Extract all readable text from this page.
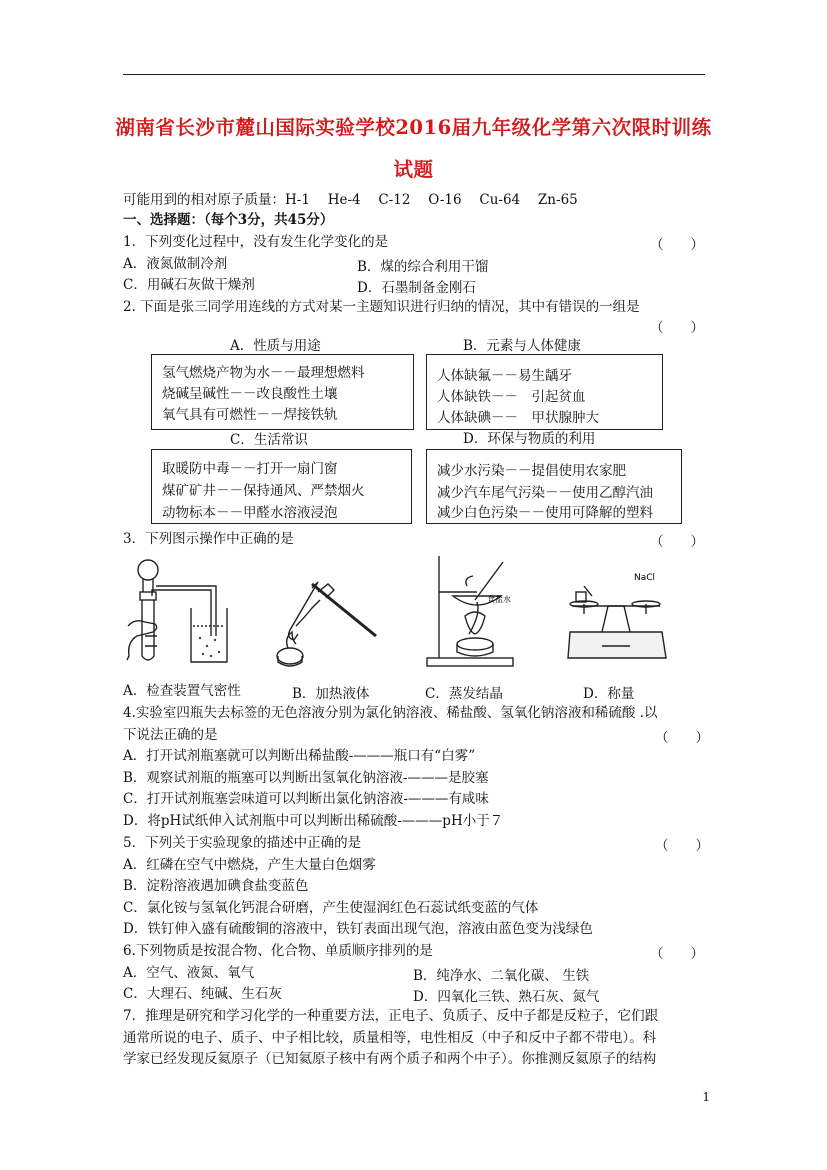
湖南省长沙市麓山国际实验学校2016届九年级化学第六次限时训练
试题
可能用到的相对原子质量：H-1　 He-4　 C-12　 O-16　 Cu-64　 Zn-65
一、选择题：（每个3分，共45分）
1．下列变化过程中，没有发生化学变化的是	（　　）
A．液氮做制冷剂	B．煤的综合利用干馏
C．用碱石灰做干燥剂	D．石墨制备金刚石
2. 下面是张三同学用连线的方式对某一主题知识进行归纳的情况，其中有错误的一组是
（　　）
A．性质与用途	B．元素与人体健康
氢气燃烧产物为水－－最理想燃料
烧碱呈碱性－－改良酸性土壤
氧气具有可燃性－－焊接铁轨
人体缺氟－－易生龋牙
人体缺铁－－　引起贫血
人体缺碘－－　甲状腺肿大
C．生活常识	D．环保与物质的利用
取暖防中毒－－打开一扇门窗
煤矿矿井－－保持通风、严禁烟火
动物标本－－甲醛水溶液浸泡
减少水污染－－提倡使用农家肥
减少汽车尾气污染－－使用乙醇汽油
减少白色污染－－使用可降解的塑料
3．下列图示操作中正确的是	（　　）
食盐水
NaCl
A．检查装置气密性	B．加热液体	C．蒸发结晶	D．称量
4.实验室四瓶失去标签的无色溶液分别为氯化钠溶液、稀盐酸、氢氧化钠溶液和稀硫酸 .以
下说法正确的是	（　　）
A．打开试剂瓶塞就可以判断出稀盐酸-———瓶口有“白雾”
B．观察试剂瓶的瓶塞可以判断出氢氧化钠溶液-———是胶塞
C．打开试剂瓶塞尝味道可以判断出氯化钠溶液-———有咸味
D．将pH试纸伸入试剂瓶中可以判断出稀硫酸-———pH小于７
5．下列关于实验现象的描述中正确的是	（　　）
A．红磷在空气中燃烧，产生大量白色烟雾
B．淀粉溶液遇加碘食盐变蓝色
C．氯化铵与氢氧化钙混合研磨，产生使湿润红色石蕊试纸变蓝的气体
D．铁钉伸入盛有硫酸铜的溶液中，铁钉表面出现气泡，溶液由蓝色变为浅绿色
6.下列物质是按混合物、化合物、单质顺序排列的是	（　　）
A．空气、液氮、氧气	B．纯净水、二氧化碳、 生铁
C．大理石、纯碱、生石灰	D．四氧化三铁、熟石灰、氮气
7．推理是研究和学习化学的一种重要方法，正电子、负质子、反中子都是反粒子，它们跟
通常所说的电子、质子、中子相比较，质量相等，电性相反（中子和反中子都不带电）。科
学家已经发现反氦原子（已知氦原子核中有两个质子和两个中子）。你推测反氦原子的结构
1
